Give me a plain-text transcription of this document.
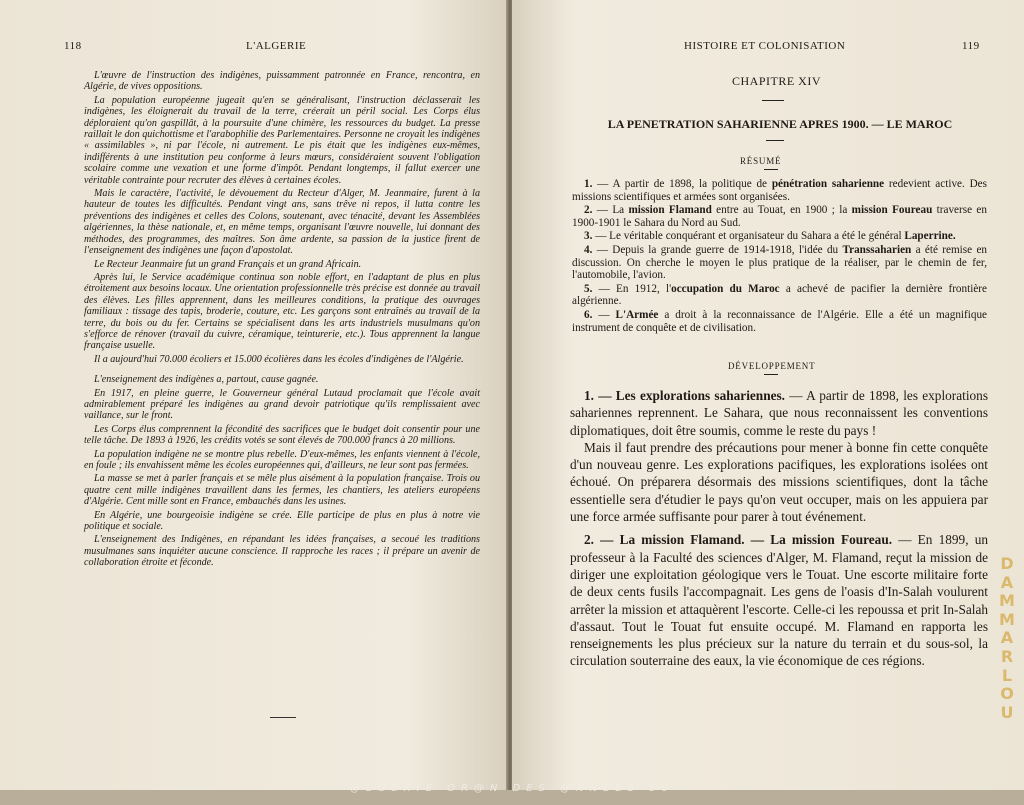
118	L'ALGERIE

L'œuvre de l'instruction des indigènes, puissamment patronnée en France, rencontra, en Algérie, de vives oppositions.

La population européenne jugeait qu'en se généralisant, l'instruction déclasserait les indigènes, les éloignerait du travail de la terre, créerait un péril social. Les Corps élus déploraient qu'on gaspillât, à la poursuite d'une chimère, les ressources du budget. La presse raillait le don quichottisme et l'arabophilie des Parlementaires. Personne ne croyait les indigènes « assimilables », ni par l'école, ni autrement. Le pis était que les indigènes eux-mêmes, indifférents à une institution peu conforme à leurs mœurs, considéraient souvent l'obligation scolaire comme une vexation et une forme d'impôt. Pendant longtemps, il fallut exercer une véritable contrainte pour recruter des élèves à certaines écoles.

Mais le caractère, l'activité, le dévouement du Recteur d'Alger, M. Jeanmaire, furent à la hauteur de toutes les difficultés. Pendant vingt ans, sans trêve ni repos, il lutta contre les préventions des indigènes et celles des Colons, soutenant, avec ténacité, devant les Assemblées algériennes, la thèse nationale, et, en même temps, organisant l'œuvre nouvelle, lui donnant des méthodes, des programmes, des maîtres. Son âme ardente, sa passion de la justice firent de l'enseignement des indigènes une façon d'apostolat.

Le Recteur Jeanmaire fut un grand Français et un grand Africain.

Après lui, le Service académique continua son noble effort, en l'adaptant de plus en plus étroitement aux besoins locaux. Une orientation professionnelle très précise est donnée au travail des élèves. Les filles apprennent, dans les meilleures conditions, la pratique des ouvrages familiaux : tissage des tapis, broderie, couture, etc. Les garçons sont entraînés au travail de la terre, du bois ou du fer. Certains se spécialisent dans les arts industriels musulmans qu'on s'efforce de rénover (travail du cuivre, céramique, teinturerie, etc.). Tous apprennent la langue française usuelle.

Il a aujourd'hui 70.000 écoliers et 15.000 écolières dans les écoles d'indigènes de l'Algérie.

L'enseignement des indigènes a, partout, cause gagnée.

En 1917, en pleine guerre, le Gouverneur général Lutaud proclamait que l'école avait admirablement préparé les indigènes au grand devoir patriotique qu'ils remplissaient avec vaillance, sur le front.

Les Corps élus comprennent la fécondité des sacrifices que le budget doit consentir pour une telle tâche. De 1893 à 1926, les crédits votés se sont élevés de 700.000 francs à 20 millions.

La population indigène ne se montre plus rebelle. D'eux-mêmes, les enfants viennent à l'école, en foule ; ils envahissent même les écoles européennes qui, d'ailleurs, ne leur sont pas fermées.

La masse se met à parler français et se mêle plus aisément à la population française. Trois ou quatre cent mille indigènes travaillent dans les fermes, les chantiers, les ateliers européens d'Algérie. Cent mille sont en France, embauchés dans les usines.

En Algérie, une bourgeoisie indigène se crée. Elle participe de plus en plus à notre vie politique et sociale.

L'enseignement des Indigènes, en répandant les idées françaises, a secoué les traditions musulmanes sans inquiéter aucune conscience. Il rapproche les races ; il prépare un avenir de collaboration étroite et féconde.

HISTOIRE ET COLONISATION	119
CHAPITRE XIV
LA PENETRATION SAHARIENNE APRES 1900. — LE MAROC
RÉSUMÉ

1. — A partir de 1898, la politique de pénétration saharienne redevient active. Des missions scientifiques et armées sont organisées.

2. — La mission Flamand entre au Touat, en 1900 ; la mission Foureau traverse en 1900-1901 le Sahara du Nord au Sud.

3. — Le véritable conquérant et organisateur du Sahara a été le général Laperrine.

4. — Depuis la grande guerre de 1914-1918, l'idée du Transsaharien a été remise en discussion. On cherche le moyen le plus pratique de la réaliser, par le chemin de fer, l'automobile, l'avion.

5. — En 1912, l'occupation du Maroc a achevé de pacifier la dernière frontière algérienne.

6. — L'Armée a droit à la reconnaissance de l'Algérie. Elle a été un magnifique instrument de conquête et de civilisation.

DÉVELOPPEMENT

1. — Les explorations sahariennes. — A partir de 1898, les explorations sahariennes reprennent. Le Sahara, que nous reconnaissent les conventions diplomatiques, doit être soumis, comme le reste du pays !

Mais il faut prendre des précautions pour mener à bonne fin cette conquête d'un nouveau genre. Les explorations pacifiques, les explorations isolées ont échoué. On préparera désormais des missions scientifiques, dont la tâche essentielle sera d'étudier le pays qu'on veut occuper, mais on les appuiera par une force armée suffisante pour parer à tout événement.

2. — La mission Flamand. — La mission Foureau. — En 1899, un professeur à la Faculté des sciences d'Alger, M. Flamand, reçut la mission de diriger une exploitation géologique vers le Touat. Une escorte militaire forte de deux cents fusils l'accompagnait. Les gens de l'oasis d'In-Salah voulurent arrêter la mission et attaquèrent l'escorte. Celle-ci les repoussa et prit In-Salah d'assaut. Tout le Touat fut ensuite occupé. M. Flamand en rapporta les renseignements les plus précieux sur la nature du terrain et du sous-sol, la circulation souterraine des eaux, la vie économique de ces régions.

D
A
M
M
A
R
L
O
U
@LGERIE OR@N DES @NNEES 50
